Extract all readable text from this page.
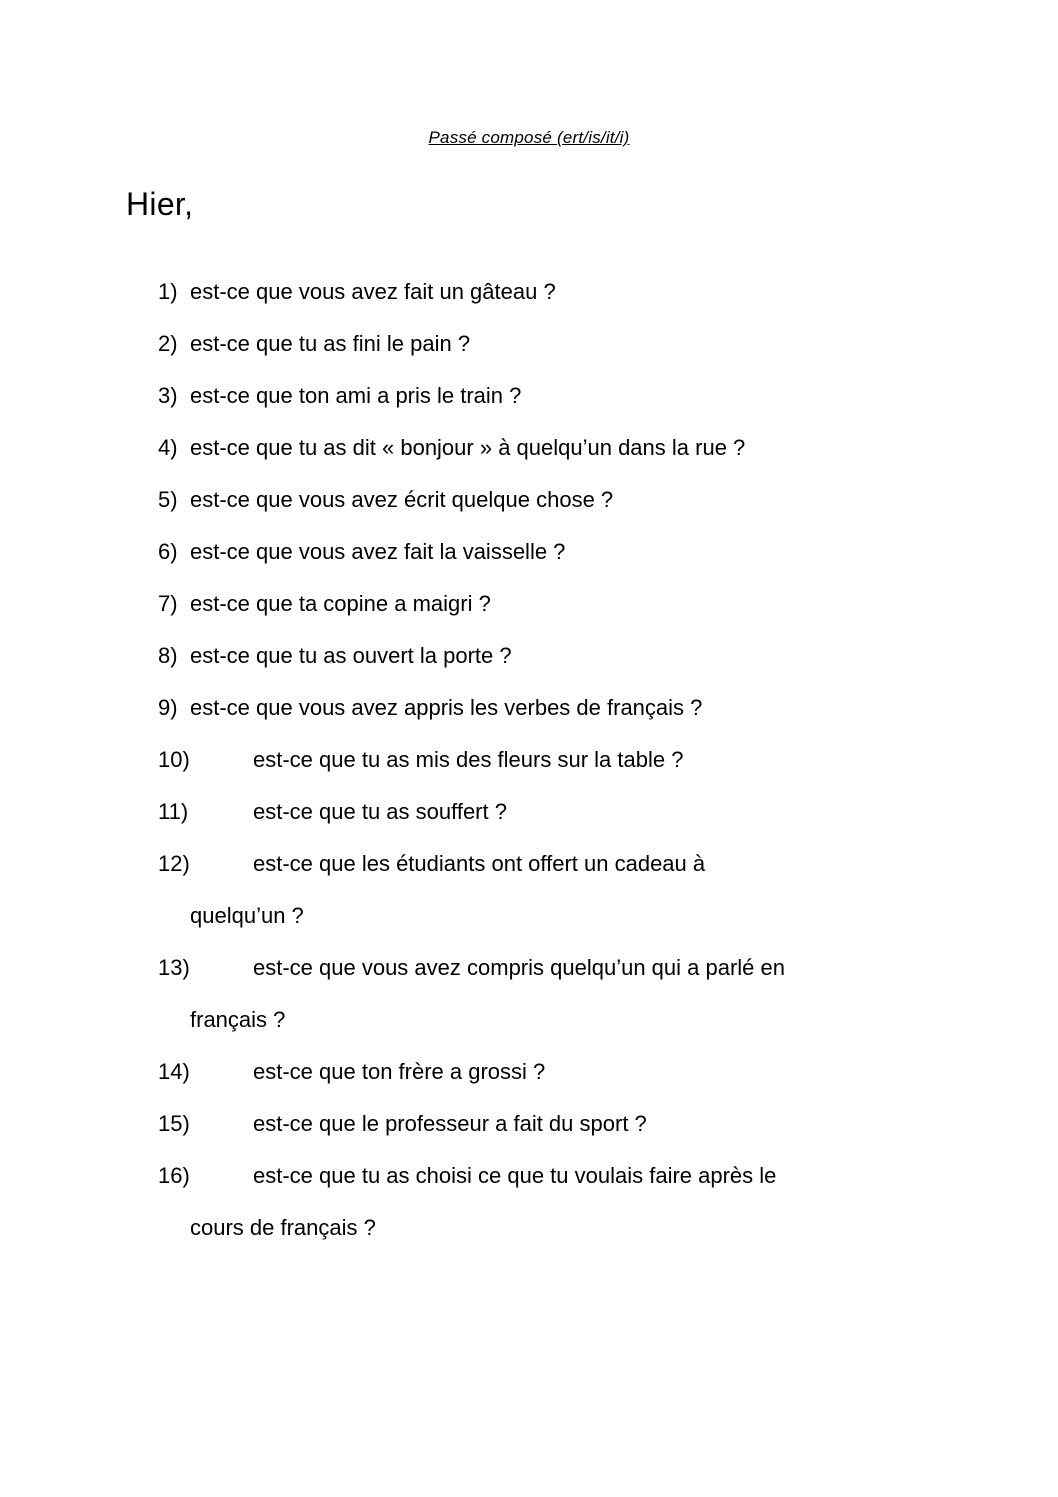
Passé composé (ert/is/it/i)
Hier,
1) est-ce que vous avez fait un gâteau ?
2) est-ce que tu as fini le pain ?
3) est-ce que ton ami a pris le train ?
4) est-ce que tu as dit « bonjour » à quelqu’un dans la rue ?
5) est-ce que vous avez écrit quelque chose ?
6) est-ce que vous avez fait la vaisselle ?
7) est-ce que ta copine a maigri ?
8) est-ce que tu as ouvert la porte ?
9) est-ce que vous avez appris les verbes de français ?
10)	est-ce que tu as mis des fleurs sur la table ?
11)	est-ce que tu as souffert ?
12)	est-ce que les étudiants ont offert un cadeau à
quelqu’un ?
13)	est-ce que vous avez compris quelqu’un qui a parlé en
français ?
14)	est-ce que ton frère a grossi ?
15)	est-ce que le professeur a fait du sport ?
16)	est-ce que tu as choisi ce que tu voulais faire après le
cours de français ?
